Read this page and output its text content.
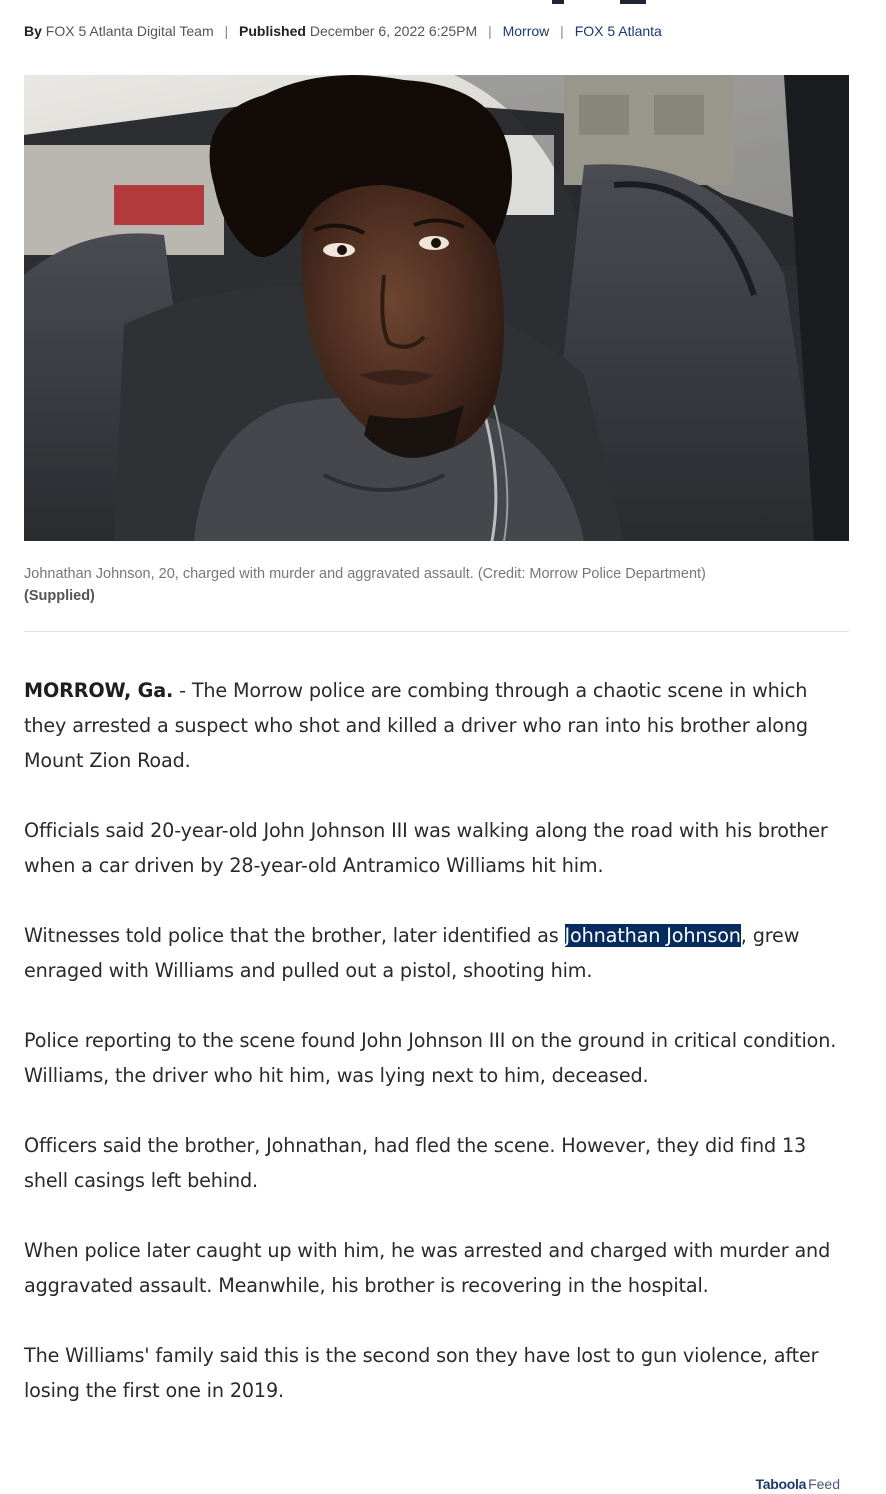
By FOX 5 Atlanta Digital Team | Published December 6, 2022 6:25PM | Morrow | FOX 5 Atlanta
Johnathan Johnson, 20, charged with murder and aggravated assault. (Credit: Morrow Police Department)
(Supplied)

MORROW, Ga. - The Morrow police are combing through a chaotic scene in which they arrested a suspect who shot and killed a driver who ran into his brother along Mount Zion Road.

Officials said 20-year-old John Johnson III was walking along the road with his brother when a car driven by 28-year-old Antramico Williams hit him.

Witnesses told police that the brother, later identified as Johnathan Johnson, grew enraged with Williams and pulled out a pistol, shooting him.

Police reporting to the scene found John Johnson III on the ground in critical condition. Williams, the driver who hit him, was lying next to him, deceased.

Officers said the brother, Johnathan, had fled the scene. However, they did find 13 shell casings left behind.

When police later caught up with him, he was arrested and charged with murder and aggravated assault. Meanwhile, his brother is recovering in the hospital.

The Williams' family said this is the second son they have lost to gun violence, after losing the first one in 2019.

Taboola Feed
